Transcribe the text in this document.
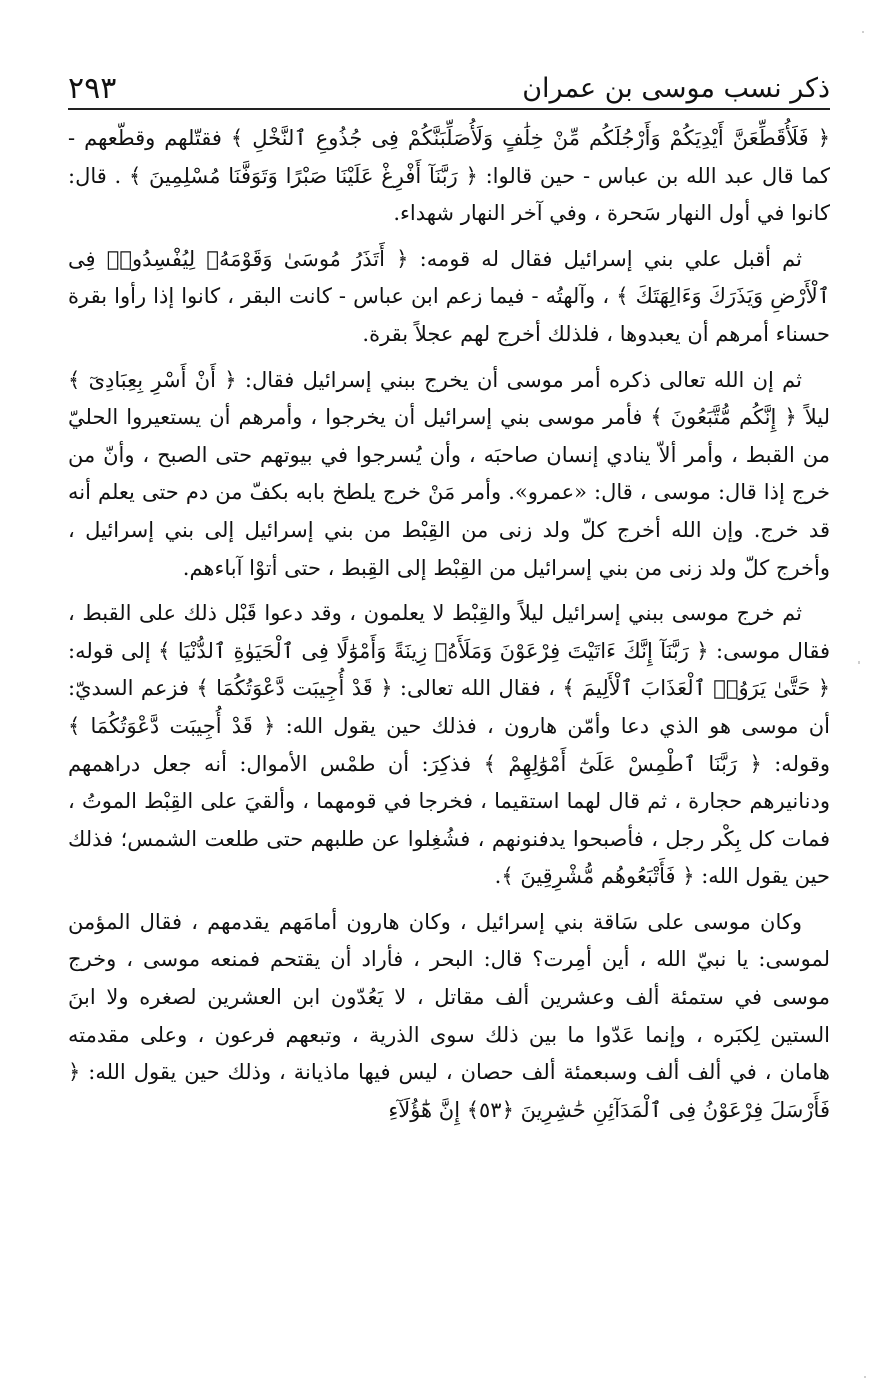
ذكر نسب موسى بن عمران
٢٩٣

﴿ فَلَأُقَطِّعَنَّ أَيْدِيَكُمْ وَأَرْجُلَكُم مِّنْ خِلَٰفٍ وَلَأُصَلِّبَنَّكُمْ فِى جُذُوعِ ٱلنَّخْلِ ﴾ فقتّلهم وقطّعهم - كما قال عبد الله بن عباس - حين قالوا: ﴿ رَبَّنَآ أَفْرِغْ عَلَيْنَا صَبْرًا وَتَوَفَّنَا مُسْلِمِينَ ﴾ . قال: كانوا في أول النهار سَحرة ، وفي آخر النهار شهداء.

ثم أقبل علي بني إسرائيل فقال له قومه: ﴿ أَتَذَرُ مُوسَىٰ وَقَوْمَهُۥ لِيُفْسِدُوا۟ فِى ٱلْأَرْضِ وَيَذَرَكَ وَءَالِهَتَكَ ﴾ ، وآلهتُه - فيما زعم ابن عباس - كانت البقر ، كانوا إذا رأوا بقرة حسناء أمرهم أن يعبدوها ، فلذلك أخرج لهم عجلاً بقرة.

ثم إن الله تعالى ذكره أمر موسى أن يخرج ببني إسرائيل فقال: ﴿ أَنْ أَسْرِ بِعِبَادِىٓ ﴾ ليلاً ﴿ إِنَّكُم مُّتَّبَعُونَ ﴾ فأمر موسى بني إسرائيل أن يخرجوا ، وأمرهم أن يستعيروا الحليّ من القبط ، وأمر ألاّ ينادي إنسان صاحبَه ، وأن يُسرجوا في بيوتهم حتى الصبح ، وأنّ من خرج إذا قال: موسى ، قال: «عمرو». وأمر مَنْ خرج يلطخ بابه بكفّ من دم حتى يعلم أنه قد خرج. وإن الله أخرج كلّ ولد زنى من القِبْط من بني إسرائيل إلى بني إسرائيل ، وأخرج كلّ ولد زنى من بني إسرائيل من القِبْط إلى القِبط ، حتى أتوْا آباءهم.

ثم خرج موسى ببني إسرائيل ليلاً والقِبْط لا يعلمون ، وقد دعوا قَبْل ذلك على القبط ، فقال موسى: ﴿ رَبَّنَآ إِنَّكَ ءَاتَيْتَ فِرْعَوْنَ وَمَلَأَهُۥ زِينَةً وَأَمْوَٰلًا فِى ٱلْحَيَوٰةِ ٱلدُّنْيَا ﴾ إلى قوله: ﴿ حَتَّىٰ يَرَوُا۟ ٱلْعَذَابَ ٱلْأَلِيمَ ﴾ ، فقال الله تعالى: ﴿ قَدْ أُجِيبَت دَّعْوَتُكُمَا ﴾ فزعم السديّ: أن موسى هو الذي دعا وأمّن هارون ، فذلك حين يقول الله: ﴿ قَدْ أُجِيبَت دَّعْوَتُكُمَا ﴾ وقوله: ﴿ رَبَّنَا ٱطْمِسْ عَلَىٰٓ أَمْوَٰلِهِمْ ﴾ فذكِرَ: أن طمْس الأموال: أنه جعل دراهمهم ودنانيرهم حجارة ، ثم قال لهما استقيما ، فخرجا في قومهما ، وألقيَ على القِبْط الموتُ ، فمات كل بِكْر رجل ، فأصبحوا يدفنونهم ، فشُغِلوا عن طلبهم حتى طلعت الشمس؛ فذلك حين يقول الله: ﴿ فَأَتْبَعُوهُم مُّشْرِقِينَ ﴾.

وكان موسى على سَاقة بني إسرائيل ، وكان هارون أمامَهم يقدمهم ، فقال المؤمن لموسى: يا نبيّ الله ، أين أمِرت؟ قال: البحر ، فأراد أن يقتحم فمنعه موسى ، وخرج موسى في ستمئة ألف وعشرين ألف مقاتل ، لا يَعُدّون ابن العشرين لصغره ولا ابنَ الستين لِكبَره ، وإنما عَدّوا ما بين ذلك سوى الذرية ، وتبعهم فرعون ، وعلى مقدمته هامان ، في ألف ألف وسبعمئة ألف حصان ، ليس فيها ماذيانة ، وذلك حين يقول الله: ﴿ فَأَرْسَلَ فِرْعَوْنُ فِى ٱلْمَدَآئِنِ حَٰشِرِينَ ﴿٥٣﴾ إِنَّ هَٰٓؤُلَآءِ
